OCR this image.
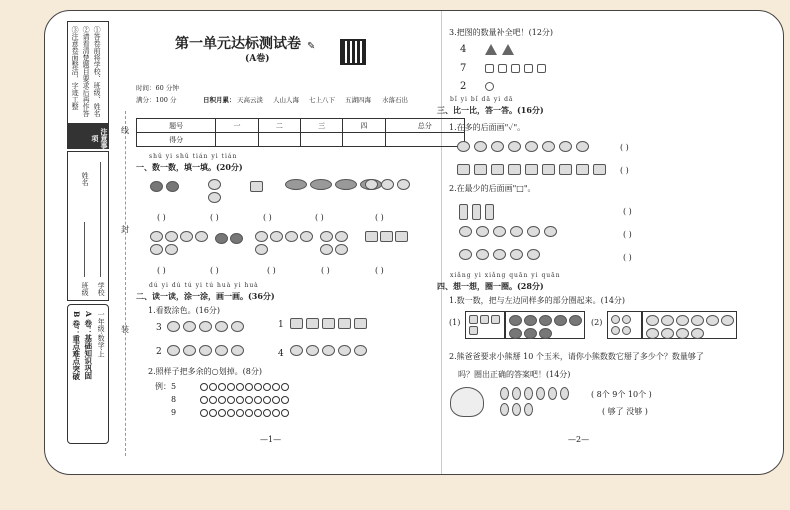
①答卷前将学校、班级、姓名
②请看清楚题目要求后再作答
③注意卷面整洁，字迹工整
注意事项
学校
班级
姓名
一年级·数学·上
A 卷：基础知识巩固
B 卷：重点难点突破
线
封
装
第一单元达标测试卷 ✎
(A卷)
时间：60 分钟
满分：100 分	日积月累： 天高云淡 人山人海 七上八下 五湖四海 水落石出
题号	一	二	三	四	总分
得分					
shǔ yi shǔ tián yi tián
一、数一数，填一填。(20分)
( )	( )	( )	( )	( )
( )	( )	( )	( )	( )
dú yi dú tú yi tú huà yi huà
二、读一读，涂一涂，画一画。(36分)
1.看数涂色。(16分)
3	1
2	4
2.照样子把多余的○划掉。(8分)
例：5
8
9
—1—
3.把图的数量补全吧！(12分)
4
7
2
bǐ yi bǐ dā yi dā
三、比一比，答一答。(16分)
1.在多的后面画"✓"。
( )
( )
2.在最少的后面画"□"。
( )
( )
( )
xiǎng yi xiǎng quān yi quān
四、想一想，圈一圈。(28分)
1.数一数，把与左边同样多的部分圈起来。(14分)
(1)	(2)
2.熊爸爸要求小熊掰 10 个玉米，请你小熊数数它掰了多少个？数量够了
吗？圈出正确的答案吧！(14分)
( 8个 9个 10个 )
( 够了 没够 )
—2—
